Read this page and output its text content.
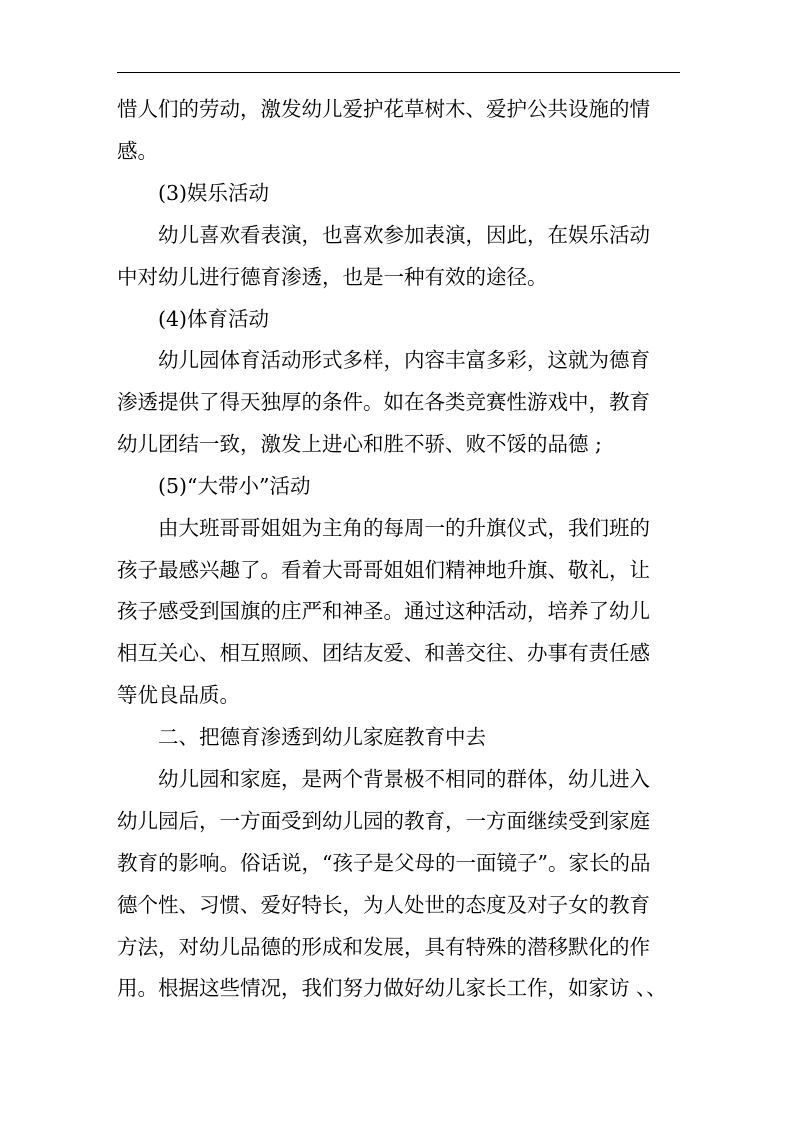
惜人们的劳动，激发幼儿爱护花草树木、爱护公共设施的情
感。
(3)娱乐活动
幼儿喜欢看表演，也喜欢参加表演，因此，在娱乐活动
中对幼儿进行德育渗透，也是一种有效的途径。
(4)体育活动
幼儿园体育活动形式多样，内容丰富多彩，这就为德育
渗透提供了得天独厚的条件。如在各类竞赛性游戏中，教育
幼儿团结一致，激发上进心和胜不骄、败不馁的品德 ;
(5)“大带小”活动
由大班哥哥姐姐为主角的每周一的升旗仪式，我们班的
孩子最感兴趣了。看着大哥哥姐姐们精神地升旗、敬礼，让
孩子感受到国旗的庄严和神圣。通过这种活动，培养了幼儿
相互关心、相互照顾、团结友爱、和善交往、办事有责任感
等优良品质。
二、把德育渗透到幼儿家庭教育中去
幼儿园和家庭，是两个背景极不相同的群体，幼儿进入
幼儿园后，一方面受到幼儿园的教育，一方面继续受到家庭
教育的影响。俗话说，“孩子是父母的一面镜子”。家长的品
德个性、习惯、爱好特长，为人处世的态度及对子女的教育
方法，对幼儿品德的形成和发展，具有特殊的潜移默化的作
用。根据这些情况，我们努力做好幼儿家长工作，如家访 、、
